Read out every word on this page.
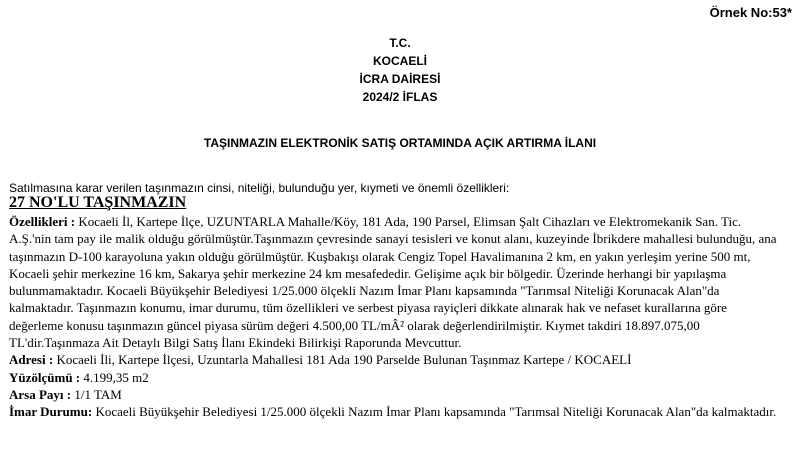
Örnek No:53*
T.C.
KOCAELİ
İCRA DAİRESİ
2024/2 İFLAS
TAŞINMAZIN ELEKTRONİK SATIŞ ORTAMINDA AÇIK ARTIRMA İLANI
Satılmasına karar verilen taşınmazın cinsi, niteliği, bulunduğu yer, kıymeti ve önemli özellikleri:
27 NO'LU TAŞINMAZIN

Özellikleri : Kocaeli İl, Kartepe İlçe, UZUNTARLA Mahalle/Köy, 181 Ada, 190 Parsel, Elimsan Şalt Cihazları ve Elektromekanik San. Tic. A.Ş.'nin tam pay ile malik olduğu görülmüştür.Taşınmazın çevresinde sanayi tesisleri ve konut alanı, kuzeyinde İbrikdere mahallesi bulunduğu, ana taşınmazın D-100 karayoluna yakın olduğu görülmüştür. Kuşbakışı olarak Cengiz Topel Havalimanına 2 km, en yakın yerleşim yerine 500 mt, Kocaeli şehir merkezine 16 km, Sakarya şehir merkezine 24 km mesafededir. Gelişime açık bir bölgedir. Üzerinde herhangi bir yapılaşma bulunmamaktadır. Kocaeli Büyükşehir Belediyesi 1/25.000 ölçekli Nazım İmar Planı kapsamında "Tarımsal Niteliği Korunacak Alan"da kalmaktadır. Taşınmazın konumu, imar durumu, tüm özellikleri ve serbest piyasa rayiçleri dikkate alınarak hak ve nefaset kurallarına göre değerleme konusu taşınmazın güncel piyasa sürüm değeri 4.500,00 TL/mÂ² olarak değerlendirilmiştir. Kıymet takdiri 18.897.075,00 TL'dir.Taşınmaza Ait Detaylı Bilgi Satış İlanı Ekindeki Bilirkişi Raporunda Mevcuttur.

Adresi : Kocaeli İli, Kartepe İlçesi, Uzuntarla Mahallesi 181 Ada 190 Parselde Bulunan Taşınmaz Kartepe / KOCAELİ

Yüzölçümü : 4.199,35 m2

Arsa Payı : 1/1 TAM

İmar Durumu: Kocaeli Büyükşehir Belediyesi 1/25.000 ölçekli Nazım İmar Planı kapsamında "Tarımsal Niteliği Korunacak Alan"da kalmaktadır.
